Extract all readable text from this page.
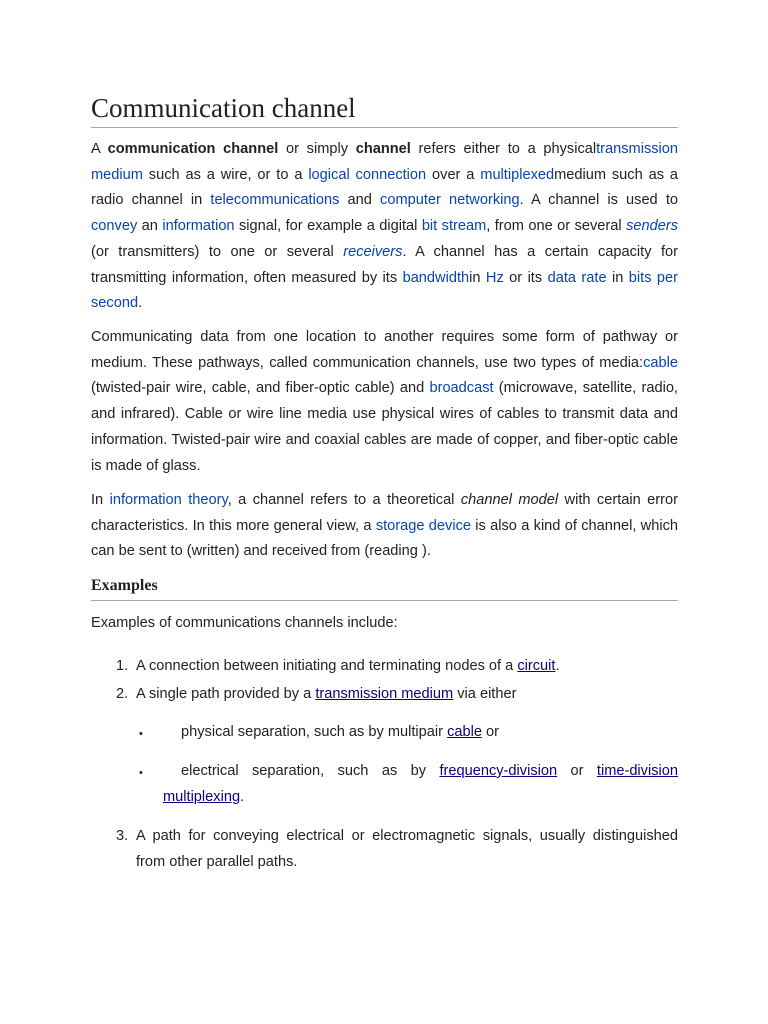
Communication channel

A communication channel or simply channel refers either to a physicaltransmission medium such as a wire, or to a logical connection over a multiplexedmedium such as a radio channel in telecommunications and computer networking. A channel is used to convey an information signal, for example a digital bit stream, from one or several senders (or transmitters) to one or several receivers. A channel has a certain capacity for transmitting information, often measured by its bandwidthin Hz or its data rate in bits per second.

Communicating data from one location to another requires some form of pathway or medium. These pathways, called communication channels, use two types of media:cable (twisted-pair wire, cable, and fiber-optic cable) and broadcast (microwave, satellite, radio, and infrared). Cable or wire line media use physical wires of cables to transmit data and information. Twisted-pair wire and coaxial cables are made of copper, and fiber-optic cable is made of glass.

In information theory, a channel refers to a theoretical channel model with certain error characteristics. In this more general view, a storage device is also a kind of channel, which can be sent to (written) and received from (reading ).

Examples

Examples of communications channels include:

1. A connection between initiating and terminating nodes of a circuit.
2. A single path provided by a transmission medium via either
•	physical separation, such as by multipair cable or
•	electrical separation, such as by frequency-division or time-division multiplexing.
3. A path for conveying electrical or electromagnetic signals, usually distinguished from other parallel paths.
